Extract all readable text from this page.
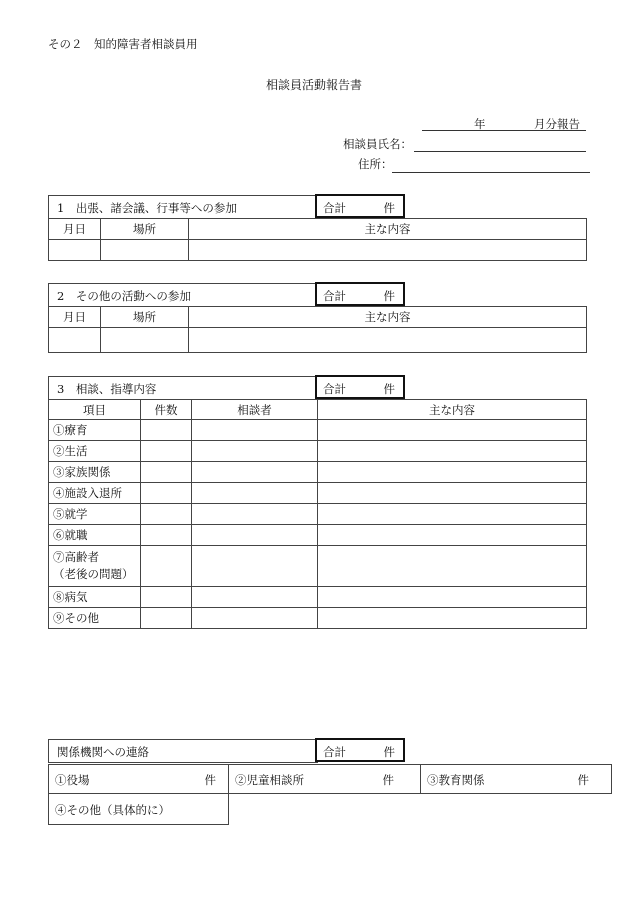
その２　知的障害者相談員用
相談員活動報告書
年	月分報告
相談員氏名：
住所：
1　出張、諸会議、行事等への参加	合計	件
月日	場所	主な内容

2　その他の活動への参加	合計	件
月日	場所	主な内容

3　相談、指導内容	合計	件
項目	件数	相談者	主な内容
①療育			
②生活			
③家族関係			
④施設入退所			
⑤就学			
⑥就職			
⑦高齢者
（老後の問題）			
⑧病気			
⑨その他			
関係機関への連絡	合計	件
①役場	件 ②児童相談所	件	③教育関係	件
④その他（具体的に）
